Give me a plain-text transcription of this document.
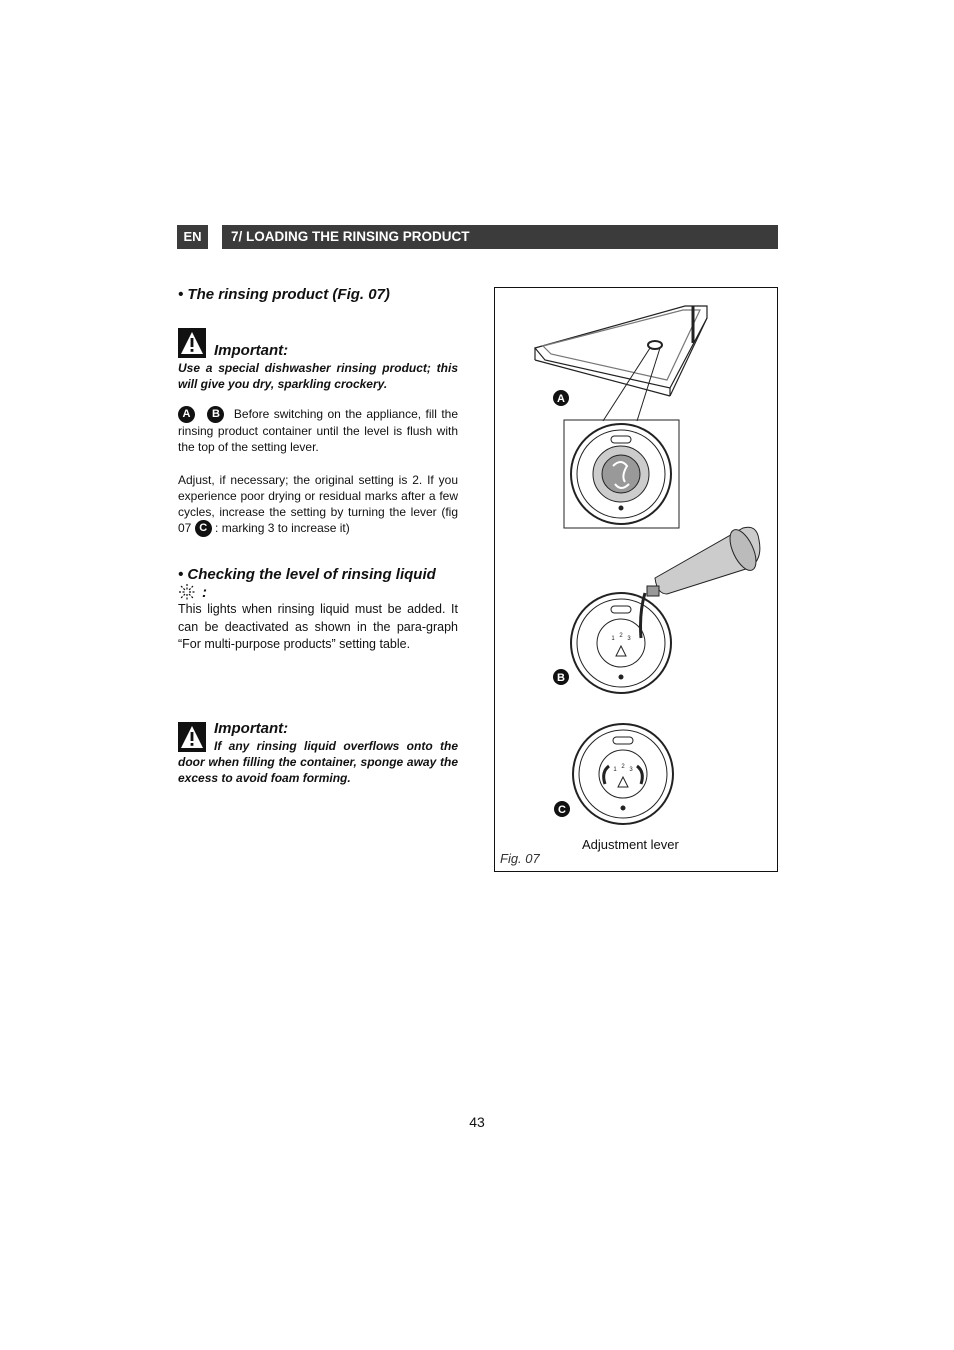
EN	7/ LOADING THE RINSING PRODUCT
• The rinsing product (Fig. 07)
Important:
Use a special dishwasher rinsing product; this will give you dry, sparkling crockery.
A B Before switching on the appliance, fill the rinsing product container until the level is flush with the top of the setting lever.
Adjust, if necessary; the original setting is 2. If you experience poor drying or residual marks after a few cycles, increase the setting by turning the lever (fig 07 C : marking 3 to increase it)
• Checking the level of rinsing liquid
:
This lights when rinsing liquid must be added. It can be deactivated as shown in the para-graph “For multi-purpose products” setting table.
Important:
If any rinsing liquid overflows onto the door when filling the container, sponge away the excess to avoid foam forming.
A
1 2 3
B
1 2 3
C
Adjustment lever
Fig. 07
43
